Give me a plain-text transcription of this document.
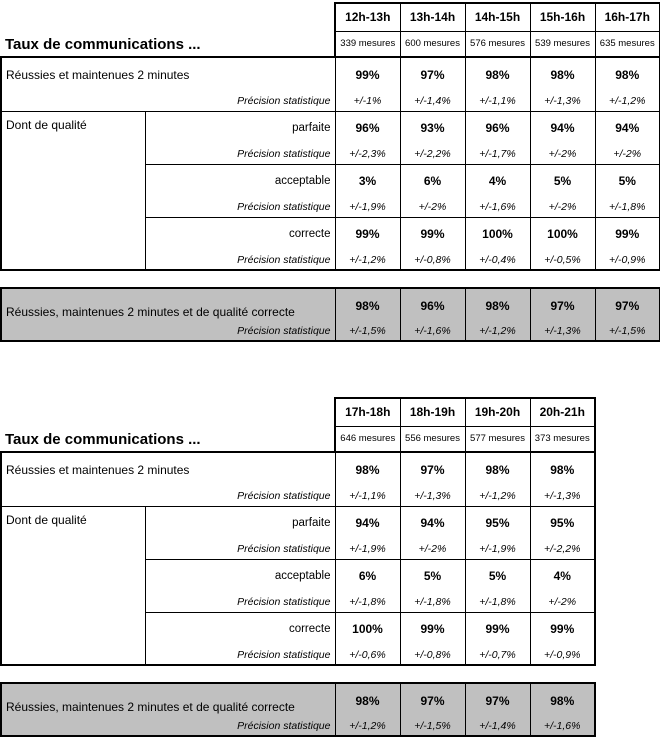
Taux de communications ...		12h-13h	13h-14h	14h-15h	15h-16h	16h-17h
		339 mesures	600 mesures	576 mesures	539 mesures	635 mesures
Réussies et maintenues 2 minutes		99%	97%	98%	98%	98%
Précision statistique		+/-1%	+/-1,4%	+/-1,1%	+/-1,3%	+/-1,2%
Dont de qualité	parfaite	96%	93%	96%	94%	94%
	Précision statistique	+/-2,3%	+/-2,2%	+/-1,7%	+/-2%	+/-2%
	acceptable	3%	6%	4%	5%	5%
	Précision statistique	+/-1,9%	+/-2%	+/-1,6%	+/-2%	+/-1,8%
	correcte	99%	99%	100%	100%	99%
	Précision statistique	+/-1,2%	+/-0,8%	+/-0,4%	+/-0,5%	+/-0,9%

Réussies, maintenues 2 minutes et de qualité correcte		98%	96%	98%	97%	97%
Précision statistique		+/-1,5%	+/-1,6%	+/-1,2%	+/-1,3%	+/-1,5%
Taux de communications ...		17h-18h	18h-19h	19h-20h	20h-21h
		646 mesures	556 mesures	577 mesures	373 mesures
Réussies et maintenues 2 minutes		98%	97%	98%	98%
Précision statistique		+/-1,1%	+/-1,3%	+/-1,2%	+/-1,3%
Dont de qualité	parfaite	94%	94%	95%	95%
	Précision statistique	+/-1,9%	+/-2%	+/-1,9%	+/-2,2%
	acceptable	6%	5%	5%	4%
	Précision statistique	+/-1,8%	+/-1,8%	+/-1,8%	+/-2%
	correcte	100%	99%	99%	99%
	Précision statistique	+/-0,6%	+/-0,8%	+/-0,7%	+/-0,9%

Réussies, maintenues 2 minutes et de qualité correcte		98%	97%	97%	98%
Précision statistique		+/-1,2%	+/-1,5%	+/-1,4%	+/-1,6%
